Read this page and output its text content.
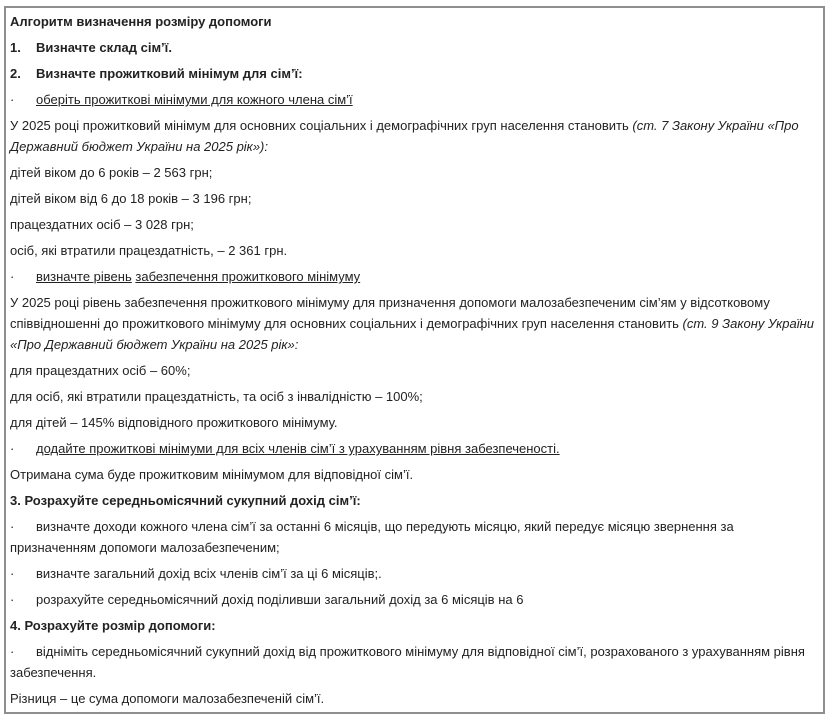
Алгоритм визначення розміру допомоги

1. Визначте склад сім’ї.

2. Визначте прожитковий мінімум для сім’ї:

· оберіть прожиткові мінімуми для кожного члена сім’ї

У 2025 році прожитковий мінімум для основних соціальних і демографічних груп населення становить (ст. 7 Закону України «Про Державний бюджет України на 2025 рік»):

дітей віком до 6 років – 2 563 грн;

дітей віком від 6 до 18 років – 3 196 грн;

працездатних осіб – 3 028 грн;

осіб, які втратили працездатність, – 2 361 грн.

· визначте рівень забезпечення прожиткового мінімуму

У 2025 році рівень забезпечення прожиткового мінімуму для призначення допомоги малозабезпеченим сім’ям у відсотковому співвідношенні до прожиткового мінімуму для основних соціальних і демографічних груп населення становить (ст. 9 Закону України «Про Державний бюджет України на 2025 рік»:

для працездатних осіб – 60%;

для осіб, які втратили працездатність, та осіб з інвалідністю – 100%;

для дітей – 145% відповідного прожиткового мінімуму.

· додайте прожиткові мінімуми для всіх членів сім’ї з урахуванням рівня забезпеченості.

Отримана сума буде прожитковим мінімумом для відповідної сім’ї.

3. Розрахуйте середньомісячний сукупний дохід сім’ї:

· визначте доходи кожного члена сім’ї за останні 6 місяців, що передують місяцю, який передує місяцю звернення за призначенням допомоги малозабезпеченим;

· визначте загальний дохід всіх членів сім’ї за ці 6 місяців;.

· розрахуйте середньомісячний дохід поділивши загальний дохід за 6 місяців на 6

4. Розрахуйте розмір допомоги:

· відніміть середньомісячний сукупний дохід від прожиткового мінімуму для відповідної сім’ї, розрахованого з урахуванням рівня забезпечення.

Різниця – це сума допомоги малозабезпеченій сім’ї.
